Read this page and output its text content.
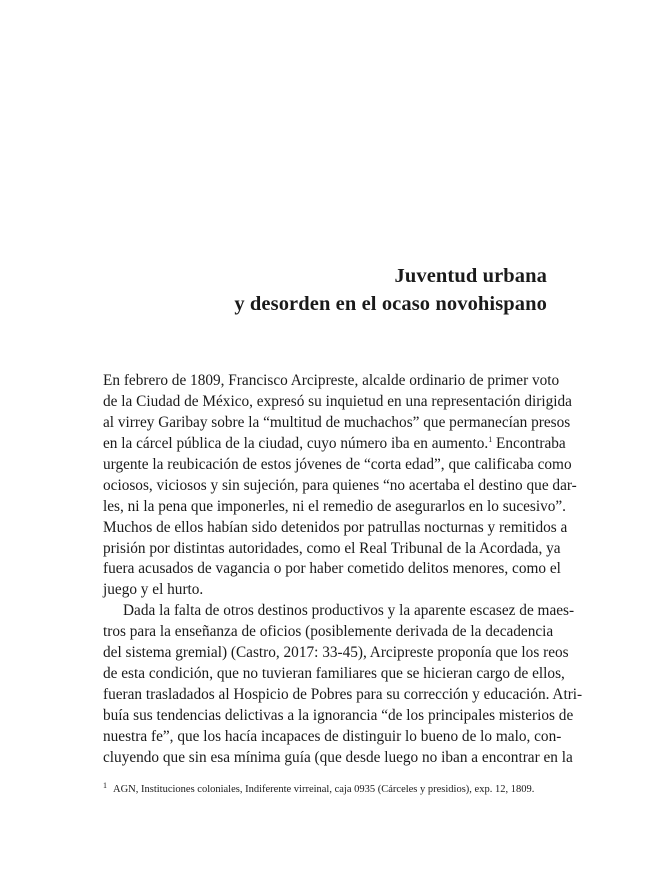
Juventud urbana
y desorden en el ocaso novohispano
En febrero de 1809, Francisco Arcipreste, alcalde ordinario de primer voto
de la Ciudad de México, expresó su inquietud en una representación dirigida
al virrey Garibay sobre la “multitud de muchachos” que permanecían presos
en la cárcel pública de la ciudad, cuyo número iba en aumento.$^1$ Encontraba
urgente la reubicación de estos jóvenes de “corta edad”, que calificaba como
ociosos, viciosos y sin sujeción, para quienes “no acertaba el destino que dar-
les, ni la pena que imponerles, ni el remedio de asegurarlos en lo sucesivo”.
Muchos de ellos habían sido detenidos por patrullas nocturnas y remitidos a
prisión por distintas autoridades, como el Real Tribunal de la Acordada, ya
fuera acusados de vagancia o por haber cometido delitos menores, como el
juego y el hurto.
Dada la falta de otros destinos productivos y la aparente escasez de maes-
tros para la enseñanza de oficios (posiblemente derivada de la decadencia
del sistema gremial) (Castro, 2017: 33-45), Arcipreste proponía que los reos
de esta condición, que no tuvieran familiares que se hicieran cargo de ellos,
fueran trasladados al Hospicio de Pobres para su corrección y educación. Atri-
buía sus tendencias delictivas a la ignorancia “de los principales misterios de
nuestra fe”, que los hacía incapaces de distinguir lo bueno de lo malo, con-
cluyendo que sin esa mínima guía (que desde luego no iban a encontrar en la
$^1$ AGN, Instituciones coloniales, Indiferente virreinal, caja 0935 (Cárceles y presidios), exp. 12, 1809.
